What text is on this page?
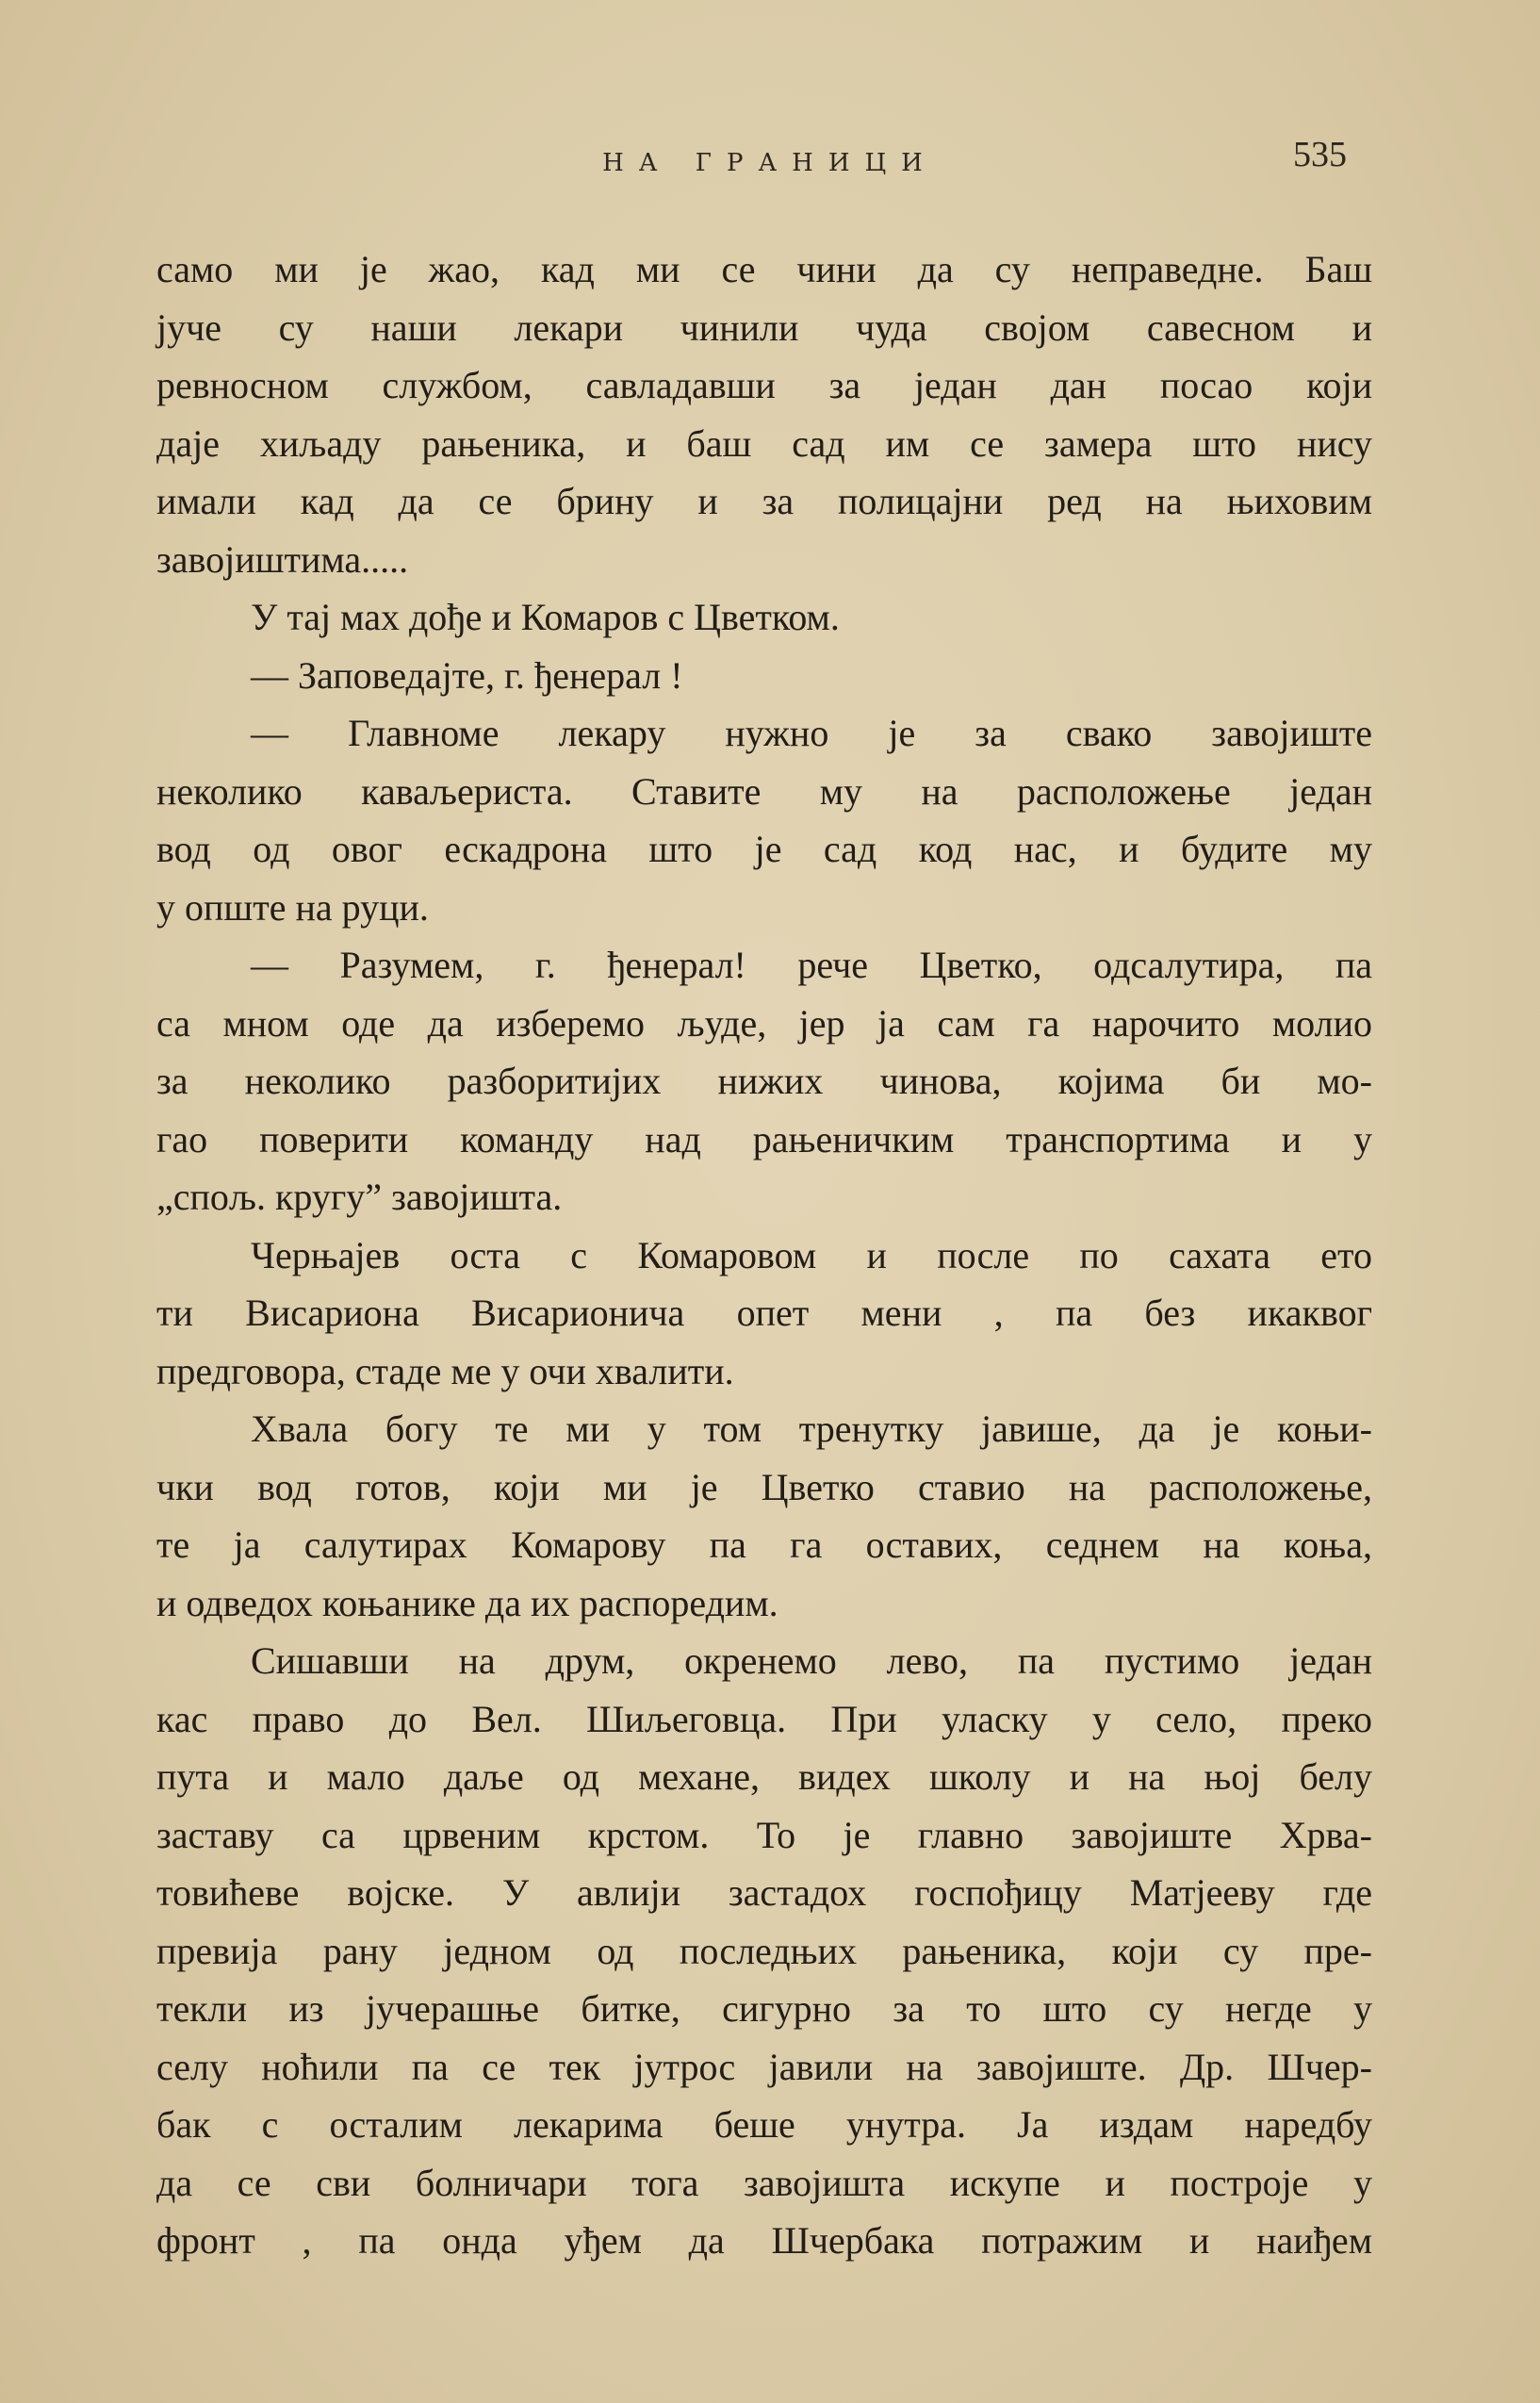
НА ГРАНИЦИ	535
само ми је жао, кад ми се чини да су неправедне. Баш
јуче су наши лекари чинили чуда својом савесном и
ревносном службом, савладавши за један дан посао који
даје хиљаду рањеника, и баш сад им се замера што нису
имали кад да се брину и за полицајни ред на њиховим
завојиштима.....
У тај мах дође и Комаров с Цветком.
— Заповедајте, г. ђенерал !
— Главноме лекару нужно је за свако завојиште
неколико каваљериста. Ставите му на расположење један
вод од овог ескадрона што је сад код нас, и будите му
у опште на руци.
— Разумем, г. ђенерал! рече Цветко, одсалутира, па
са мном оде да изберемо људе, јер ја сам га нарочито молио
за неколико разборитијих нижих чинова, којима би мо-
гао поверити команду над рањеничким транспортима и у
„спољ. кругу” завојишта.
Черњајев оста с Комаровом и после по сахата ето
ти Висариона Висарионича опет мени , па без икаквог
предговора, стаде ме у очи хвалити.
Хвала богу те ми у том тренутку јавише, да је коњи-
чки вод готов, који ми је Цветко ставио на расположење,
те ја салутирах Комарову па га оставих, седнем на коња,
и одведох коњанике да их распоредим.
Сишавши на друм, окренемо лево, па пустимо један
кас право до Вел. Шиљеговца. При уласку у село, преко
пута и мало даље од механе, видех школу и на њој белу
заставу са црвеним крстом. То је главно завојиште Хрва-
товићеве војске. У авлији застадох госпођицу Матјееву где
превија рану једном од последњих рањеника, који су пре-
текли из јучерашње битке, сигурно за то што су негде у
селу ноћили па се тек јутрос јавили на завојиште. Др. Шчер-
бак с осталим лекарима беше унутра. Ја издам наредбу
да се сви болничари тога завојишта искупе и построје у
фронт , па онда уђем да Шчербака потражим и наиђем
